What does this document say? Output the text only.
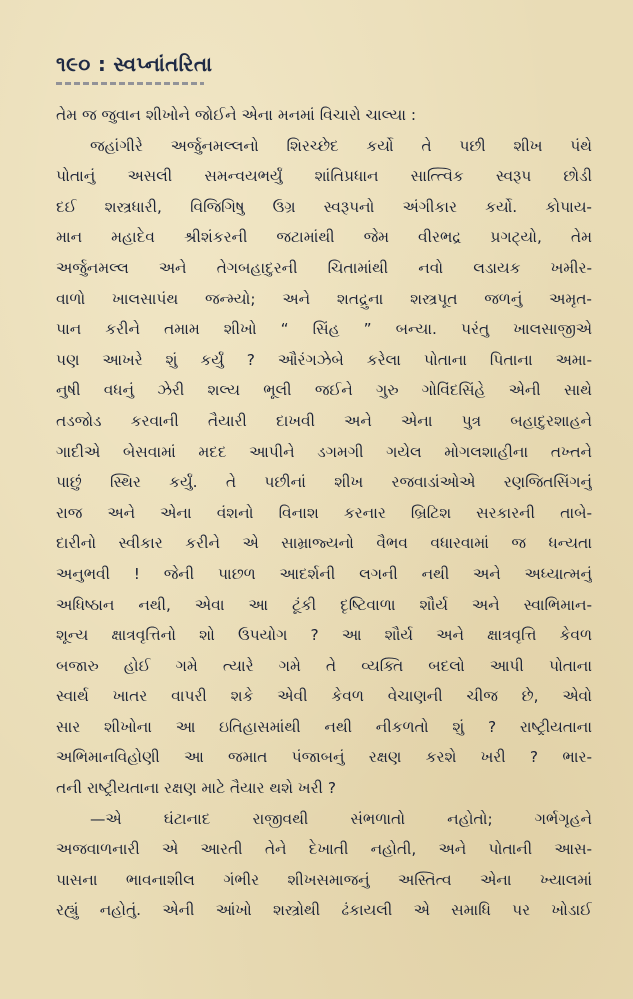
૧૯૦ : સ્વપ્નાંતરિતા
તેમ જ જુવાન શીખોને જોઈને એના મનમાં વિચારો ચાલ્યા :
જહાંગીરે અર્જુનમલ્લનો શિરચ્છેદ કર્યો તે પછી શીખ પંથે
પોતાનું અસલી સમન્વયભર્યું શાંતિપ્રધાન સાત્ત્વિક સ્વરૂપ છોડી
દઈ શસ્ત્રધારી, વિજિગિષુ ઉગ્ર સ્વરૂપનો અંગીકાર કર્યો. કોપાય-
માન મહાદેવ શ્રીશંકરની જટામાંથી જેમ વીરભદ્ર પ્રગટ્યો, તેમ
અર્જુનમલ્લ અને તેગબહાદુરની ચિતામાંથી નવો લડાયક ખમીર-
વાળો ખાલસાપંથ જન્મ્યો; અને શતદ્રુના શસ્ત્રપૂત જળનું અમૃત-
પાન કરીને તમામ શીખો “ સિંહ ” બન્યા. પરંતુ ખાલસાજીએ
પણ આખરે શું કર્યું ? ઔરંગઝેબે કરેલા પોતાના પિતાના અમા-
નુષી વધનું ઝેરી શલ્ય ભૂલી જઈને ગુરુ ગોવિંદસિંહે એની સાથે
તડજોડ કરવાની તૈયારી દાખવી અને એના પુત્ર બહાદુરશાહને
ગાદીએ બેસવામાં મદદ આપીને ડગમગી ગયેલ મોગલશાહીના તખ્તને
પાછું સ્થિર કર્યું. તે પછીનાં શીખ રજવાડાંઓએ રણજિતસિંગનું
રાજ અને એના વંશનો વિનાશ કરનાર બ્રિટિશ સરકારની તાબે-
દારીનો સ્વીકાર કરીને એ સામ્રાજ્યનો વૈભવ વધારવામાં જ ધન્યતા
અનુભવી ! જેની પાછળ આદર્શની લગની નથી અને અધ્યાત્મનું
અધિષ્ઠાન નથી, એવા આ ટૂંકી દૃષ્ટિવાળા શૌર્ય અને સ્વાભિમાન-
શૂન્ય ક્ષાત્રવૃત્તિનો શો ઉપયોગ ? આ શૌર્ય અને ક્ષાત્રવૃત્તિ કેવળ
બજારુ હોઈ ગમે ત્યારે ગમે તે વ્યક્તિ બદલો આપી પોતાના
સ્વાર્થ ખાતર વાપરી શકે એવી કેવળ વેચાણની ચીજ છે, એવો
સાર શીખોના આ ઇતિહાસમાંથી નથી નીકળતો શું ? રાષ્ટ્રીયતાના
અભિમાનવિહોણી આ જમાત પંજાબનું રક્ષણ કરશે ખરી ? ભાર-
તની રાષ્ટ્રીયતાના રક્ષણ માટે તૈયાર થશે ખરી ?
—એ ઘંટાનાદ રાજીવથી સંભળાતો નહોતો; ગર્ભગૃહને
અજવાળનારી એ આરતી તેને દેખાતી નહોતી, અને પોતાની આસ-
પાસના ભાવનાશીલ ગંભીર શીખસમાજનું અસ્તિત્વ એના ખ્યાલમાં
રહ્યું નહોતું. એની આંખો શસ્ત્રોથી ઢંકાયલી એ સમાધિ પર ખોડાઈ
